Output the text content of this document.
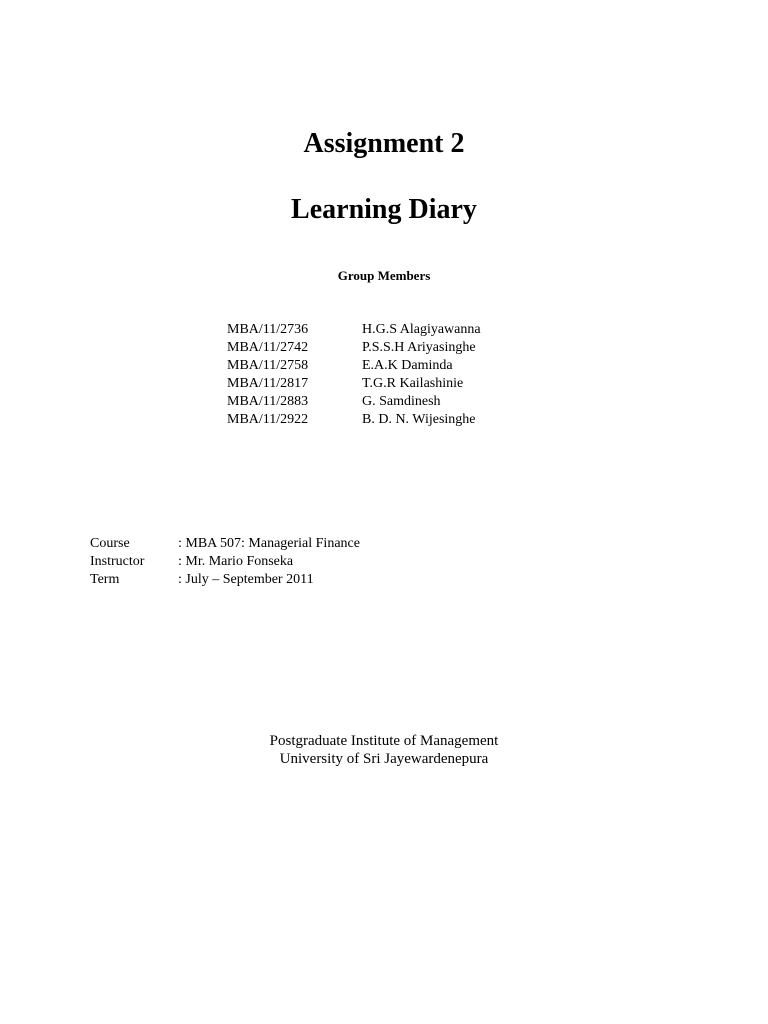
Assignment 2
Learning Diary
Group Members
MBA/11/2736	H.G.S Alagiyawanna
MBA/11/2742	P.S.S.H Ariyasinghe
MBA/11/2758	E.A.K Daminda
MBA/11/2817	T.G.R Kailashinie
MBA/11/2883	G. Samdinesh
MBA/11/2922	B. D. N. Wijesinghe
Course	: MBA 507: Managerial Finance
Instructor	: Mr. Mario Fonseka
Term	: July – September 2011
Postgraduate Institute of Management
University of Sri Jayewardenepura
